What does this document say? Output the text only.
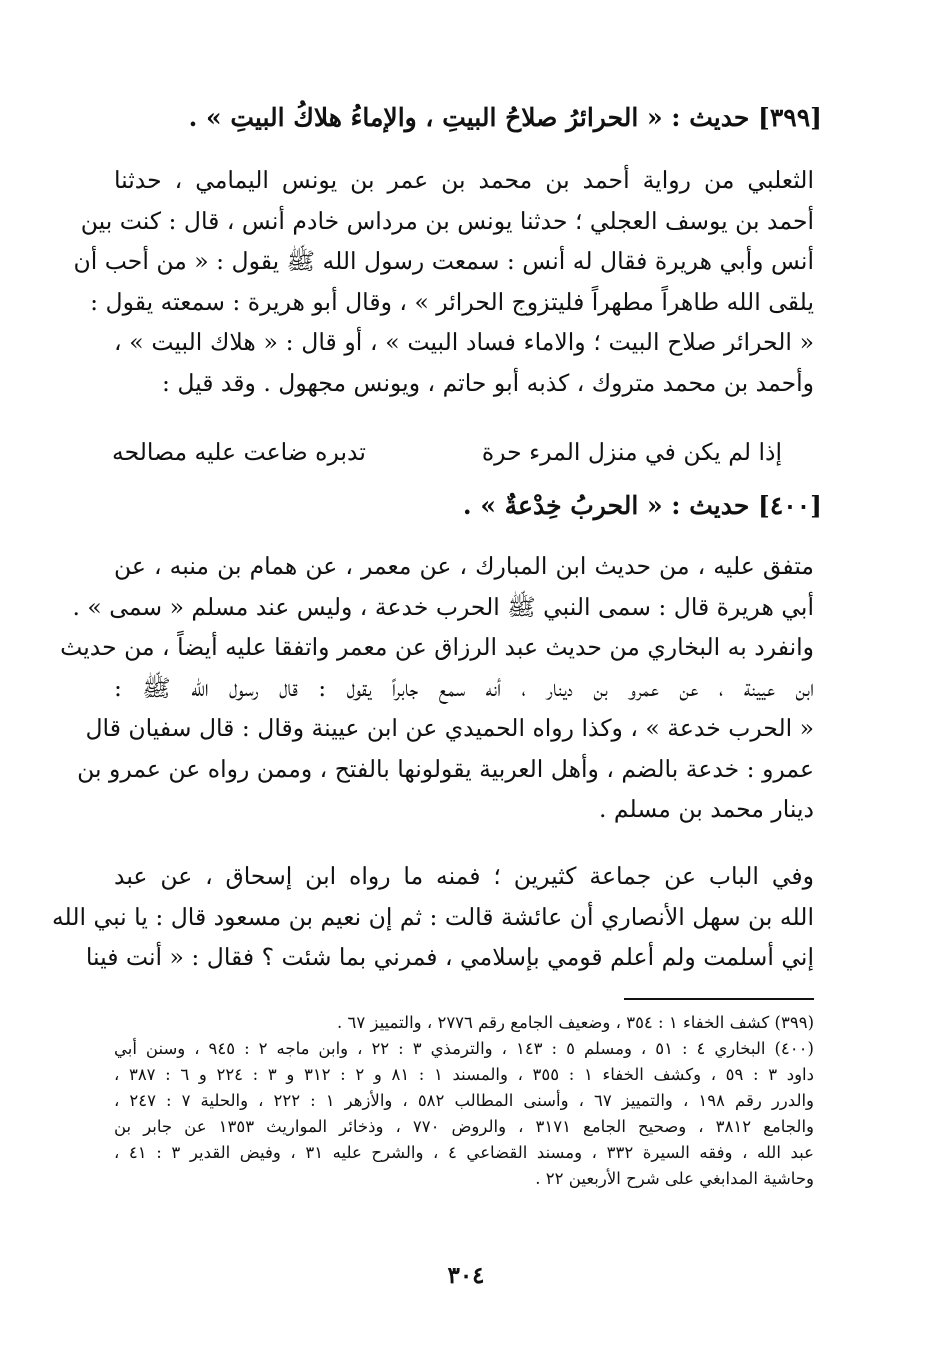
[٣٩٩] حديث : « الحرائرُ صلاحُ البيتِ ، والإماءُ هلاكُ البيتِ » .
الثعلبي من رواية أحمد بن محمد بن عمر بن يونس اليمامي ، حدثنا
أحمد بن يوسف العجلي ؛ حدثنا يونس بن مرداس خادم أنس ، قال : كنت بين
أنس وأبي هريرة فقال له أنس : سمعت رسول الله ﷺ يقول : « من أحب أن
يلقى الله طاهراً مطهراً فليتزوج الحرائر » ، وقال أبو هريرة : سمعته يقول :
« الحرائر صلاح البيت ؛ والاماء فساد البيت » ، أو قال : « هلاك البيت » ،
وأحمد بن محمد متروك ، كذبه أبو حاتم ، ويونس مجهول . وقد قيل :
إذا لم يكن في منزل المرء حرة
تدبره ضاعت عليه مصالحه
[٤٠٠] حديث : « الحربُ خِدْعةٌ » .
متفق عليه ، من حديث ابن المبارك ، عن معمر ، عن همام بن منبه ، عن
أبي هريرة قال : سمى النبي ﷺ الحرب خدعة ، وليس عند مسلم « سمى » .
وانفرد به البخاري من حديث عبد الرزاق عن معمر واتفقا عليه أيضاً ، من حديث
ابن عيينة ، عن عمرو بن دينار ، أنه سمع جابراً يقول : قال رسول الله ﷺ :
« الحرب خدعة » ، وكذا رواه الحميدي عن ابن عيينة وقال : قال سفيان قال
عمرو : خدعة بالضم ، وأهل العربية يقولونها بالفتح ، وممن رواه عن عمرو بن
دينار محمد بن مسلم .
وفي الباب عن جماعة كثيرين ؛ فمنه ما رواه ابن إسحاق ، عن عبد
الله بن سهل الأنصاري أن عائشة قالت : ثم إن نعيم بن مسعود قال : يا نبي الله
إني أسلمت ولم أعلم قومي بإسلامي ، فمرني بما شئت ؟ فقال : « أنت فينا
(٣٩٩) كشف الخفاء ١ : ٣٥٤ ، وضعيف الجامع رقم ٢٧٧٦ ، والتمييز ٦٧ .
(٤٠٠) البخاري ٤ : ٥١ ، ومسلم ٥ : ١٤٣ ، والترمذي ٣ : ٢٢ ، وابن ماجه ٢ : ٩٤٥ ، وسنن أبي
داود ٣ : ٥٩ ، وكشف الخفاء ١ : ٣٥٥ ، والمسند ١ : ٨١ و ٢ : ٣١٢ و ٣ : ٢٢٤ و ٦ : ٣٨٧ ،
والدرر رقم ١٩٨ ، والتمييز ٦٧ ، وأسنى المطالب ٥٨٢ ، والأزهر ١ : ٢٢٢ ، والحلية ٧ : ٢٤٧ ،
والجامع ٣٨١٢ ، وصحيح الجامع ٣١٧١ ، والروض ٧٧٠ ، وذخائر المواريث ١٣٥٣ عن جابر بن
عبد الله ، وفقه السيرة ٣٣٢ ، ومسند القضاعي ٤ ، والشرح عليه ٣١ ، وفيض القدير ٣ : ٤١ ،
وحاشية المدابغي على شرح الأربعين ٢٢ .
٣٠٤
